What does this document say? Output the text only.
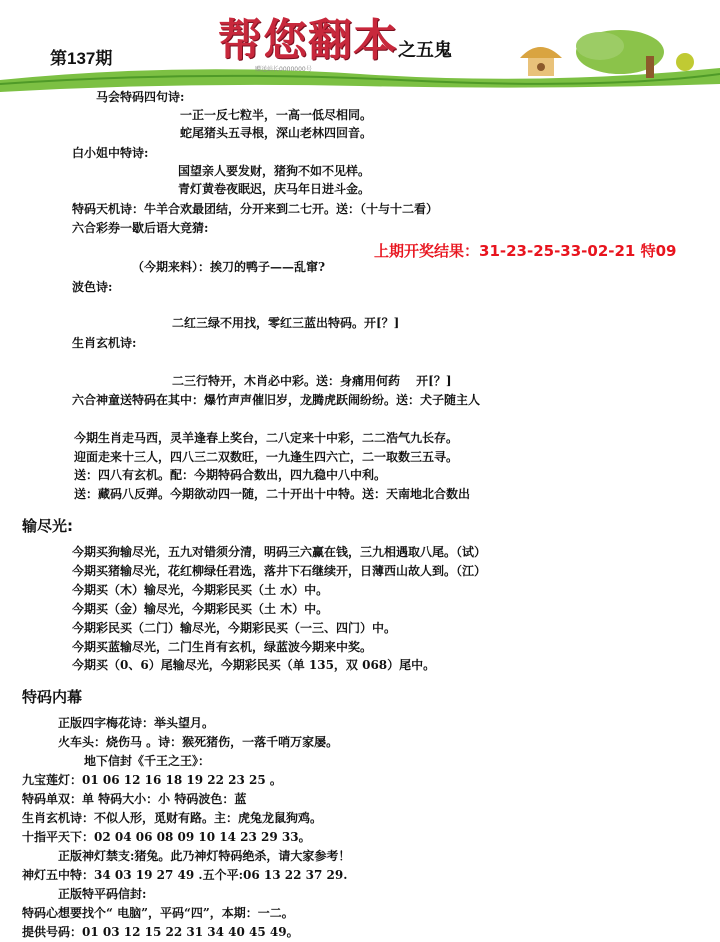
第137期 帮您翻本 之五鬼
赠送站长0000000号
马会特码四句诗:
一正一反七粒半，一高一低尽相同。
蛇尾猪头五寻根，深山老林四回音。
白小姐中特诗:
国望亲人要发财，猪狗不如不见样。
青灯黄卷夜眠迟，庆马年日进斗金。
特码天机诗：牛羊合欢最团结，分开来到二七开。送：（十与十二看）
六合彩券一歇后语大竞猜:
上期开奖结果：31-23-25-33-02-21 特09
（今期来料）：挨刀的鸭子——乱窜?
波色诗:
二红三绿不用找，零红三蓝出特码。开[？]
生肖玄机诗:
二三行特开，木肖必中彩。送：身痛用何药　 开[？]
六合神童送特码在其中：爆竹声声催旧岁，龙腾虎跃闹纷纷。送：犬子随主人
今期生肖走马西，灵羊逢春上奖台，二八定来十中彩，二二浩气九长存。
迎面走来十三人，四八三二双数旺，一九逢生四六亡，二一取数三五寻。
送：四八有玄机。配：今期特码合数出，四九稳中八中利。
送：藏码八反弹。今期欲动四一随，二十开出十中特。送：天南地北合数出
输尽光:
今期买狗输尽光，五九对错须分清，明码三六赢在钱，三九相遇取八尾。（试）
今期买猪输尽光，花红柳绿任君选，落井下石继续开，日薄西山故人到。（江）
今期买（木）输尽光，今期彩民买（土 水）中。
今期买（金）输尽光，今期彩民买（土 木）中。
今期彩民买（二门）输尽光，今期彩民买（一三、四门）中。
今期买蓝输尽光，二门生肖有玄机，绿蓝波今期来中奖。
今期买（0、6）尾输尽光，今期彩民买（单 135，双 068）尾中。
特码内幕
正版四字梅花诗：举头望月。
火车头：烧伤马 。诗：猴死猪伤，一落千哨万家屡。
地下信封《千王之王》：
九宝莲灯：01 06 12 16 18 19 22 23 25 。
特码单双：单 特码大小：小 特码波色：蓝
生肖玄机诗：不似人形，觅财有路。主：虎兔龙鼠狗鸡。
十指平天下：02 04 06 08 09 10 14 23 29 33。
正版神灯禁支:猪兔。此乃神灯特码绝杀，请大家参考！
神灯五中特：34 03 19 27 49 .五个平:06 13 22 37 29.
正版特平码信封:
特码心想要找个“ 电脑”，平码“四”，本期：一二。
提供号码：01 03 12 15 22 31 34 40 45 49。
